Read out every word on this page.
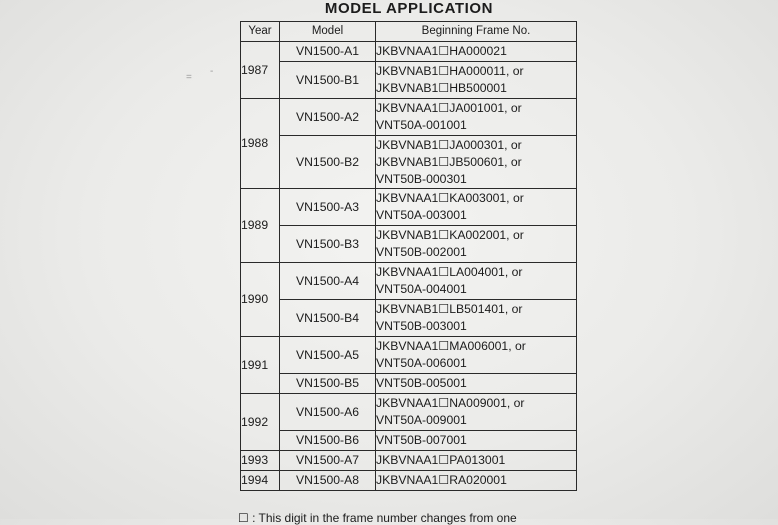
MODEL APPLICATION
Year	Model	Beginning Frame No.
1987	VN1500-A1	JKBVNAA1☐HA000021
	VN1500-B1	JKBVNAB1☐HA000011, or
JKBVNAB1☐HB500001
1988	VN1500-A2	JKBVNAA1☐JA001001, or
VNT50A-001001
	VN1500-B2	JKBVNAB1☐JA000301, or
JKBVNAB1☐JB500601, or
VNT50B-000301
1989	VN1500-A3	JKBVNAA1☐KA003001, or
VNT50A-003001
	VN1500-B3	JKBVNAB1☐KA002001, or
VNT50B-002001
1990	VN1500-A4	JKBVNAA1☐LA004001, or
VNT50A-004001
	VN1500-B4	JKBVNAB1☐LB501401, or
VNT50B-003001
1991	VN1500-A5	JKBVNAA1☐MA006001, or
VNT50A-006001
	VN1500-B5	VNT50B-005001
1992	VN1500-A6	JKBVNAA1☐NA009001, or
VNT50A-009001
	VN1500-B6	VNT50B-007001
1993	VN1500-A7	JKBVNAA1☐PA013001
1994	VN1500-A8	JKBVNAA1☐RA020001
☐ : This digit in the frame number changes from one
=
-
